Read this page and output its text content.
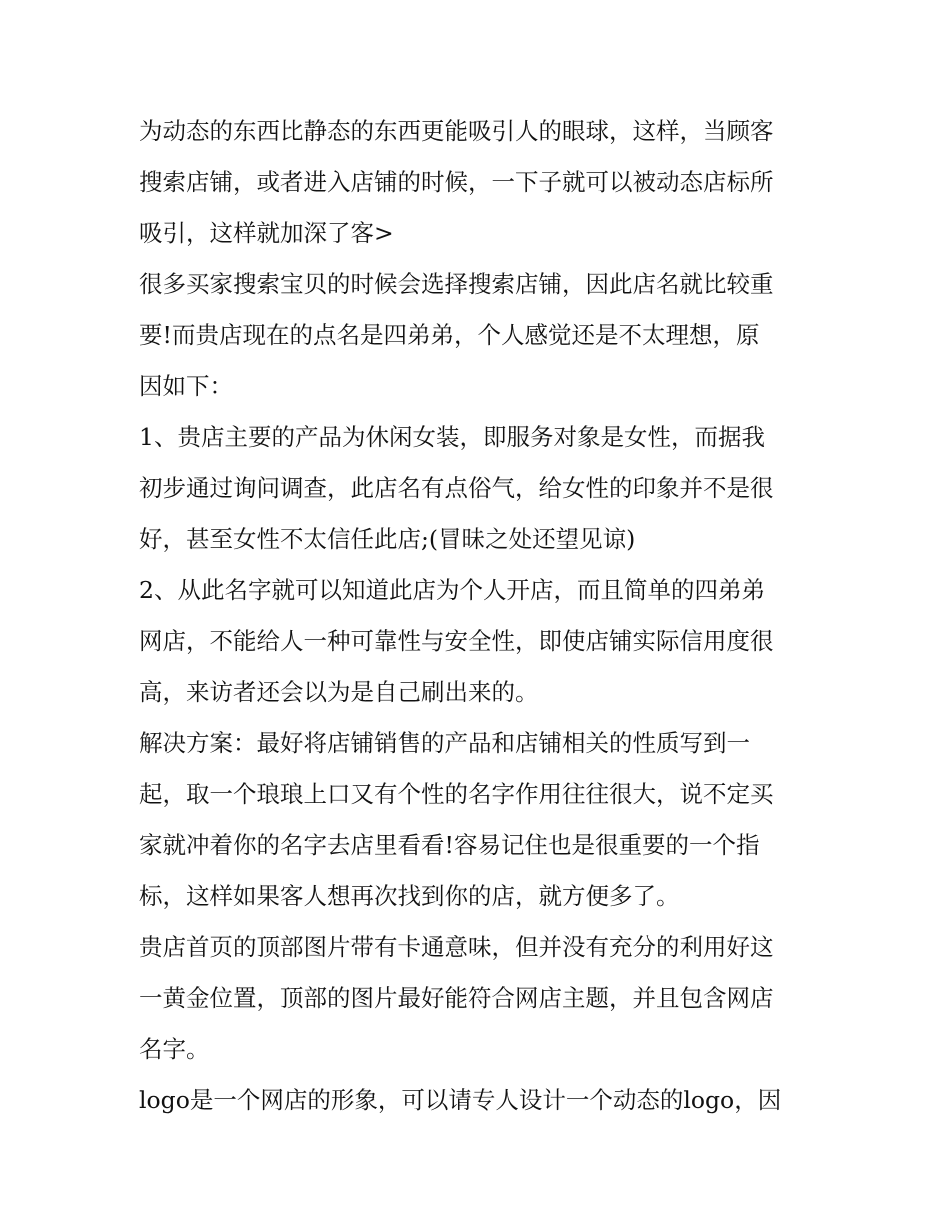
为动态的东西比静态的东西更能吸引人的眼球，这样，当顾客
搜索店铺，或者进入店铺的时候，一下子就可以被动态店标所
吸引，这样就加深了客>
很多买家搜索宝贝的时候会选择搜索店铺，因此店名就比较重
要!而贵店现在的点名是四弟弟，个人感觉还是不太理想，原
因如下：
1、贵店主要的产品为休闲女装，即服务对象是女性，而据我
初步通过询问调查，此店名有点俗气，给女性的印象并不是很
好，甚至女性不太信任此店;(冒昧之处还望见谅)
2、从此名字就可以知道此店为个人开店，而且简单的四弟弟
网店，不能给人一种可靠性与安全性，即使店铺实际信用度很
高，来访者还会以为是自己刷出来的。
解决方案：最好将店铺销售的产品和店铺相关的性质写到一
起，取一个琅琅上口又有个性的名字作用往往很大，说不定买
家就冲着你的名字去店里看看!容易记住也是很重要的一个指
标，这样如果客人想再次找到你的店，就方便多了。
贵店首页的顶部图片带有卡通意味，但并没有充分的利用好这
一黄金位置，顶部的图片最好能符合网店主题，并且包含网店
名字。
logo是一个网店的形象，可以请专人设计一个动态的logo，因
